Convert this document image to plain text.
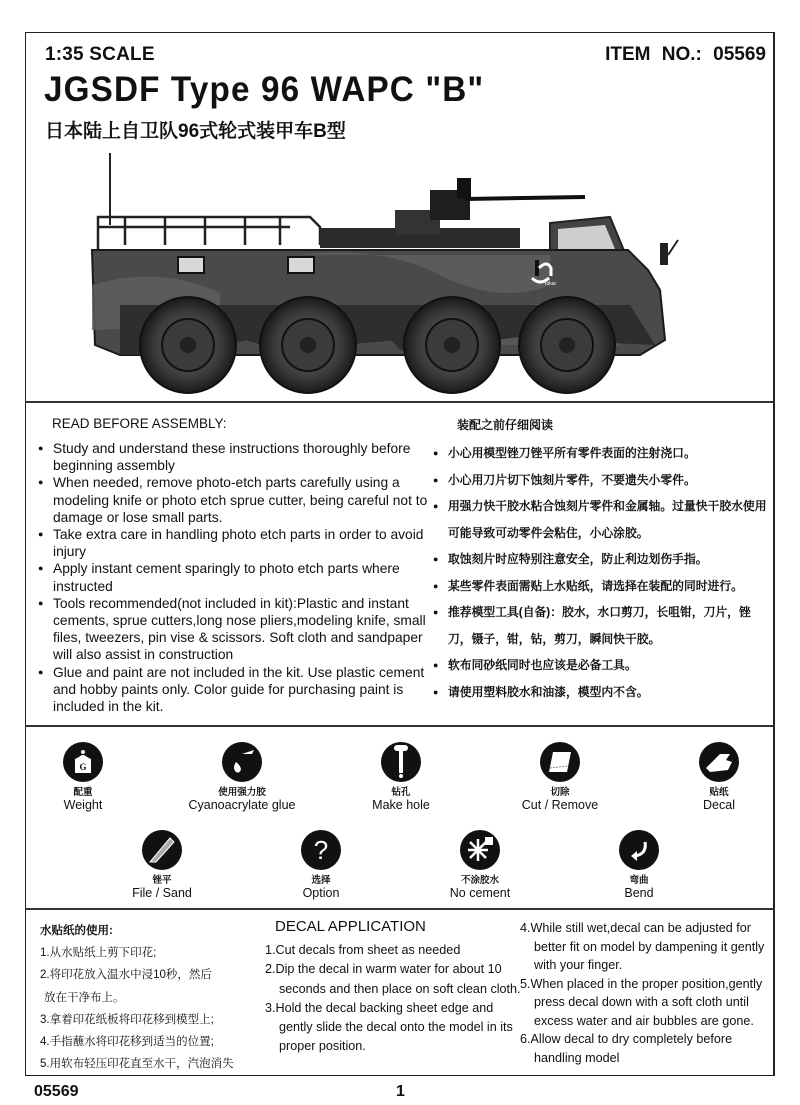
1:35 SCALE	ITEM NO.: 05569
JGSDF Type 96 WAPC "B"
日本陆上自卫队96式轮式装甲车B型
Tokai
READ BEFORE ASSEMBLY:
● Study and understand these instructions thoroughly before beginning assembly
● When needed, remove photo-etch parts carefully using a modeling knife or photo etch sprue cutter, being careful not to damage or lose small parts.
● Take extra care in handling photo etch parts in order to avoid injury
● Apply instant cement sparingly to photo etch parts where instructed
● Tools recommended(not included in kit):Plastic and instant cements, sprue cutters,long nose pliers,modeling knife, small files, tweezers, pin vise & scissors. Soft cloth and sandpaper will also assist in construction
● Glue and paint are not included in the kit. Use plastic cement and hobby paints only. Color guide for purchasing paint is included in the kit.
装配之前仔细阅读
● 小心用模型锉刀锉平所有零件表面的注射浇口。
● 小心用刀片切下蚀刻片零件，不要遗失小零件。
● 用强力快干胶水粘合蚀刻片零件和金属轴。过量快干胶水使用可能导致可动零件会粘住，小心涂胶。
● 取蚀刻片时应特别注意安全，防止利边划伤手指。
● 某些零件表面需贴上水贴纸，请选择在装配的同时进行。
● 推荐模型工具(自备)：胶水，水口剪刀，长咀钳，刀片，锉刀，镊子，钳，钻，剪刀，瞬间快干胶。
● 软布同砂纸同时也应该是必备工具。
● 请使用塑料胶水和油漆，模型内不含。
G
配重
Weight
使用强力胶
Cyanoacrylate glue
钻孔
Make hole
切除
Cut / Remove
贴纸
Decal
锉平
File / Sand
?
选择
Option
不涂胶水
No cement
弯曲
Bend
水贴纸的使用:
1.从水贴纸上剪下印花;
2.将印花放入温水中浸10秒，然后
放在干净布上。
3.拿着印花纸板将印花移到模型上;
4.手指蘸水将印花移到适当的位置;
5.用软布轻压印花直至水干，汽泡消失
DECAL APPLICATION
1.Cut decals from sheet as needed
2.Dip the decal in warm water for about 10 seconds and then place on soft clean cloth.
3.Hold the decal backing sheet edge and gently slide the decal onto the model in its proper position.
4.While still wet,decal can be adjusted for better fit on model by dampening it gently with your finger.
5.When placed in the proper position,gently press decal down with a soft cloth until excess water and air bubbles are gone.
6.Allow decal to dry completely before handling model
05569	1
